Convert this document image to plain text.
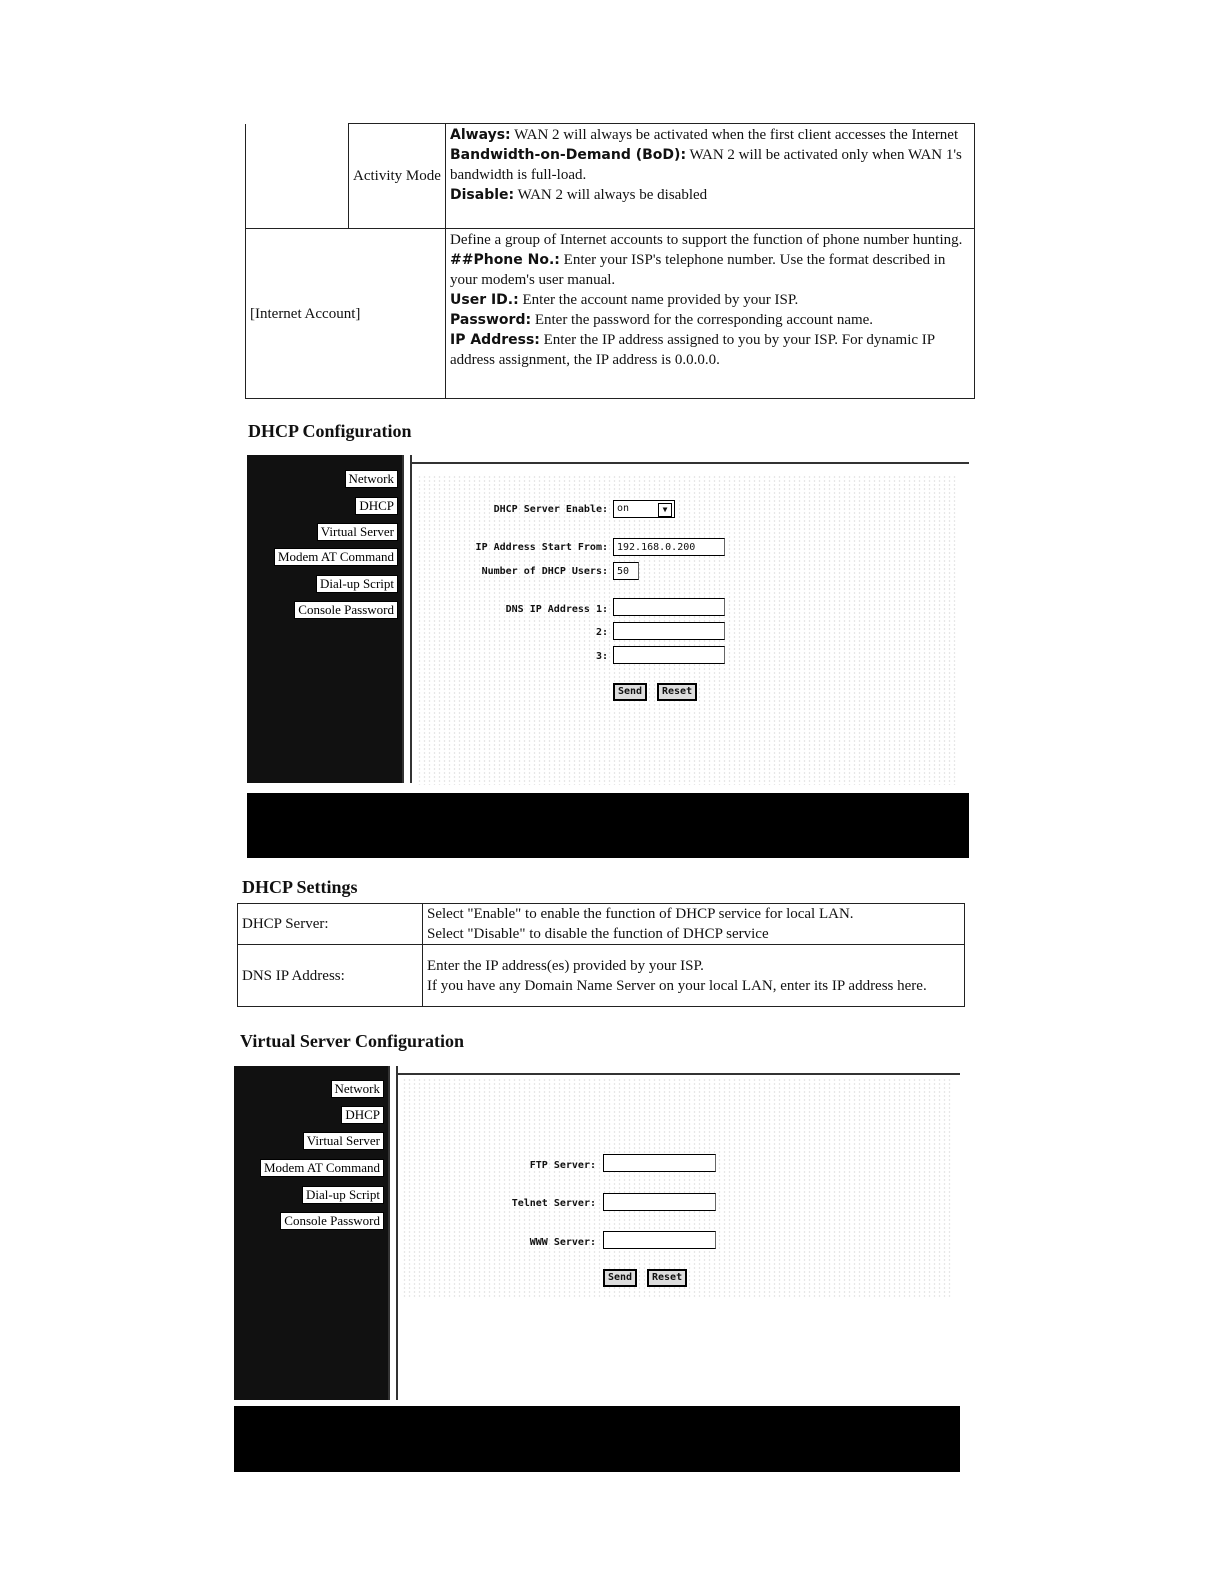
	Activity Mode	Always: WAN 2 will always be activated when the first client accesses the Internet
Bandwidth-on-Demand (BoD): WAN 2 will be activated only when WAN 1's bandwidth is full-load.
Disable: WAN 2 will always be disabled
[Internet Account]		Define a group of Internet accounts to support the function of phone number hunting.
##Phone No.: Enter your ISP's telephone number. Use the format described in your modem's user manual.
User ID.: Enter the account name provided by your ISP.
Password: Enter the password for the corresponding account name.
IP Address: Enter the IP address assigned to you by your ISP. For dynamic IP address assignment, the IP address is 0.0.0.0.
DHCP Configuration
Network
DHCP
Virtual Server
Modem AT Command
Dial-up Script
Console Password
DHCP Server Enable: on	▼
IP Address Start From: 192.168.0.200
Number of DHCP Users: 50
DNS IP Address 1:
2:
3:
Send	Reset
DHCP Settings
DHCP Server:	Select "Enable" to enable the function of DHCP service for local LAN.
Select "Disable" to disable the function of DHCP service
DNS IP Address:	Enter the IP address(es) provided by your ISP.
If you have any Domain Name Server on your local LAN, enter its IP address here.
Virtual Server Configuration
Network
DHCP
Virtual Server
Modem AT Command
Dial-up Script
Console Password
FTP Server:
Telnet Server:
WWW Server:
Send	Reset
